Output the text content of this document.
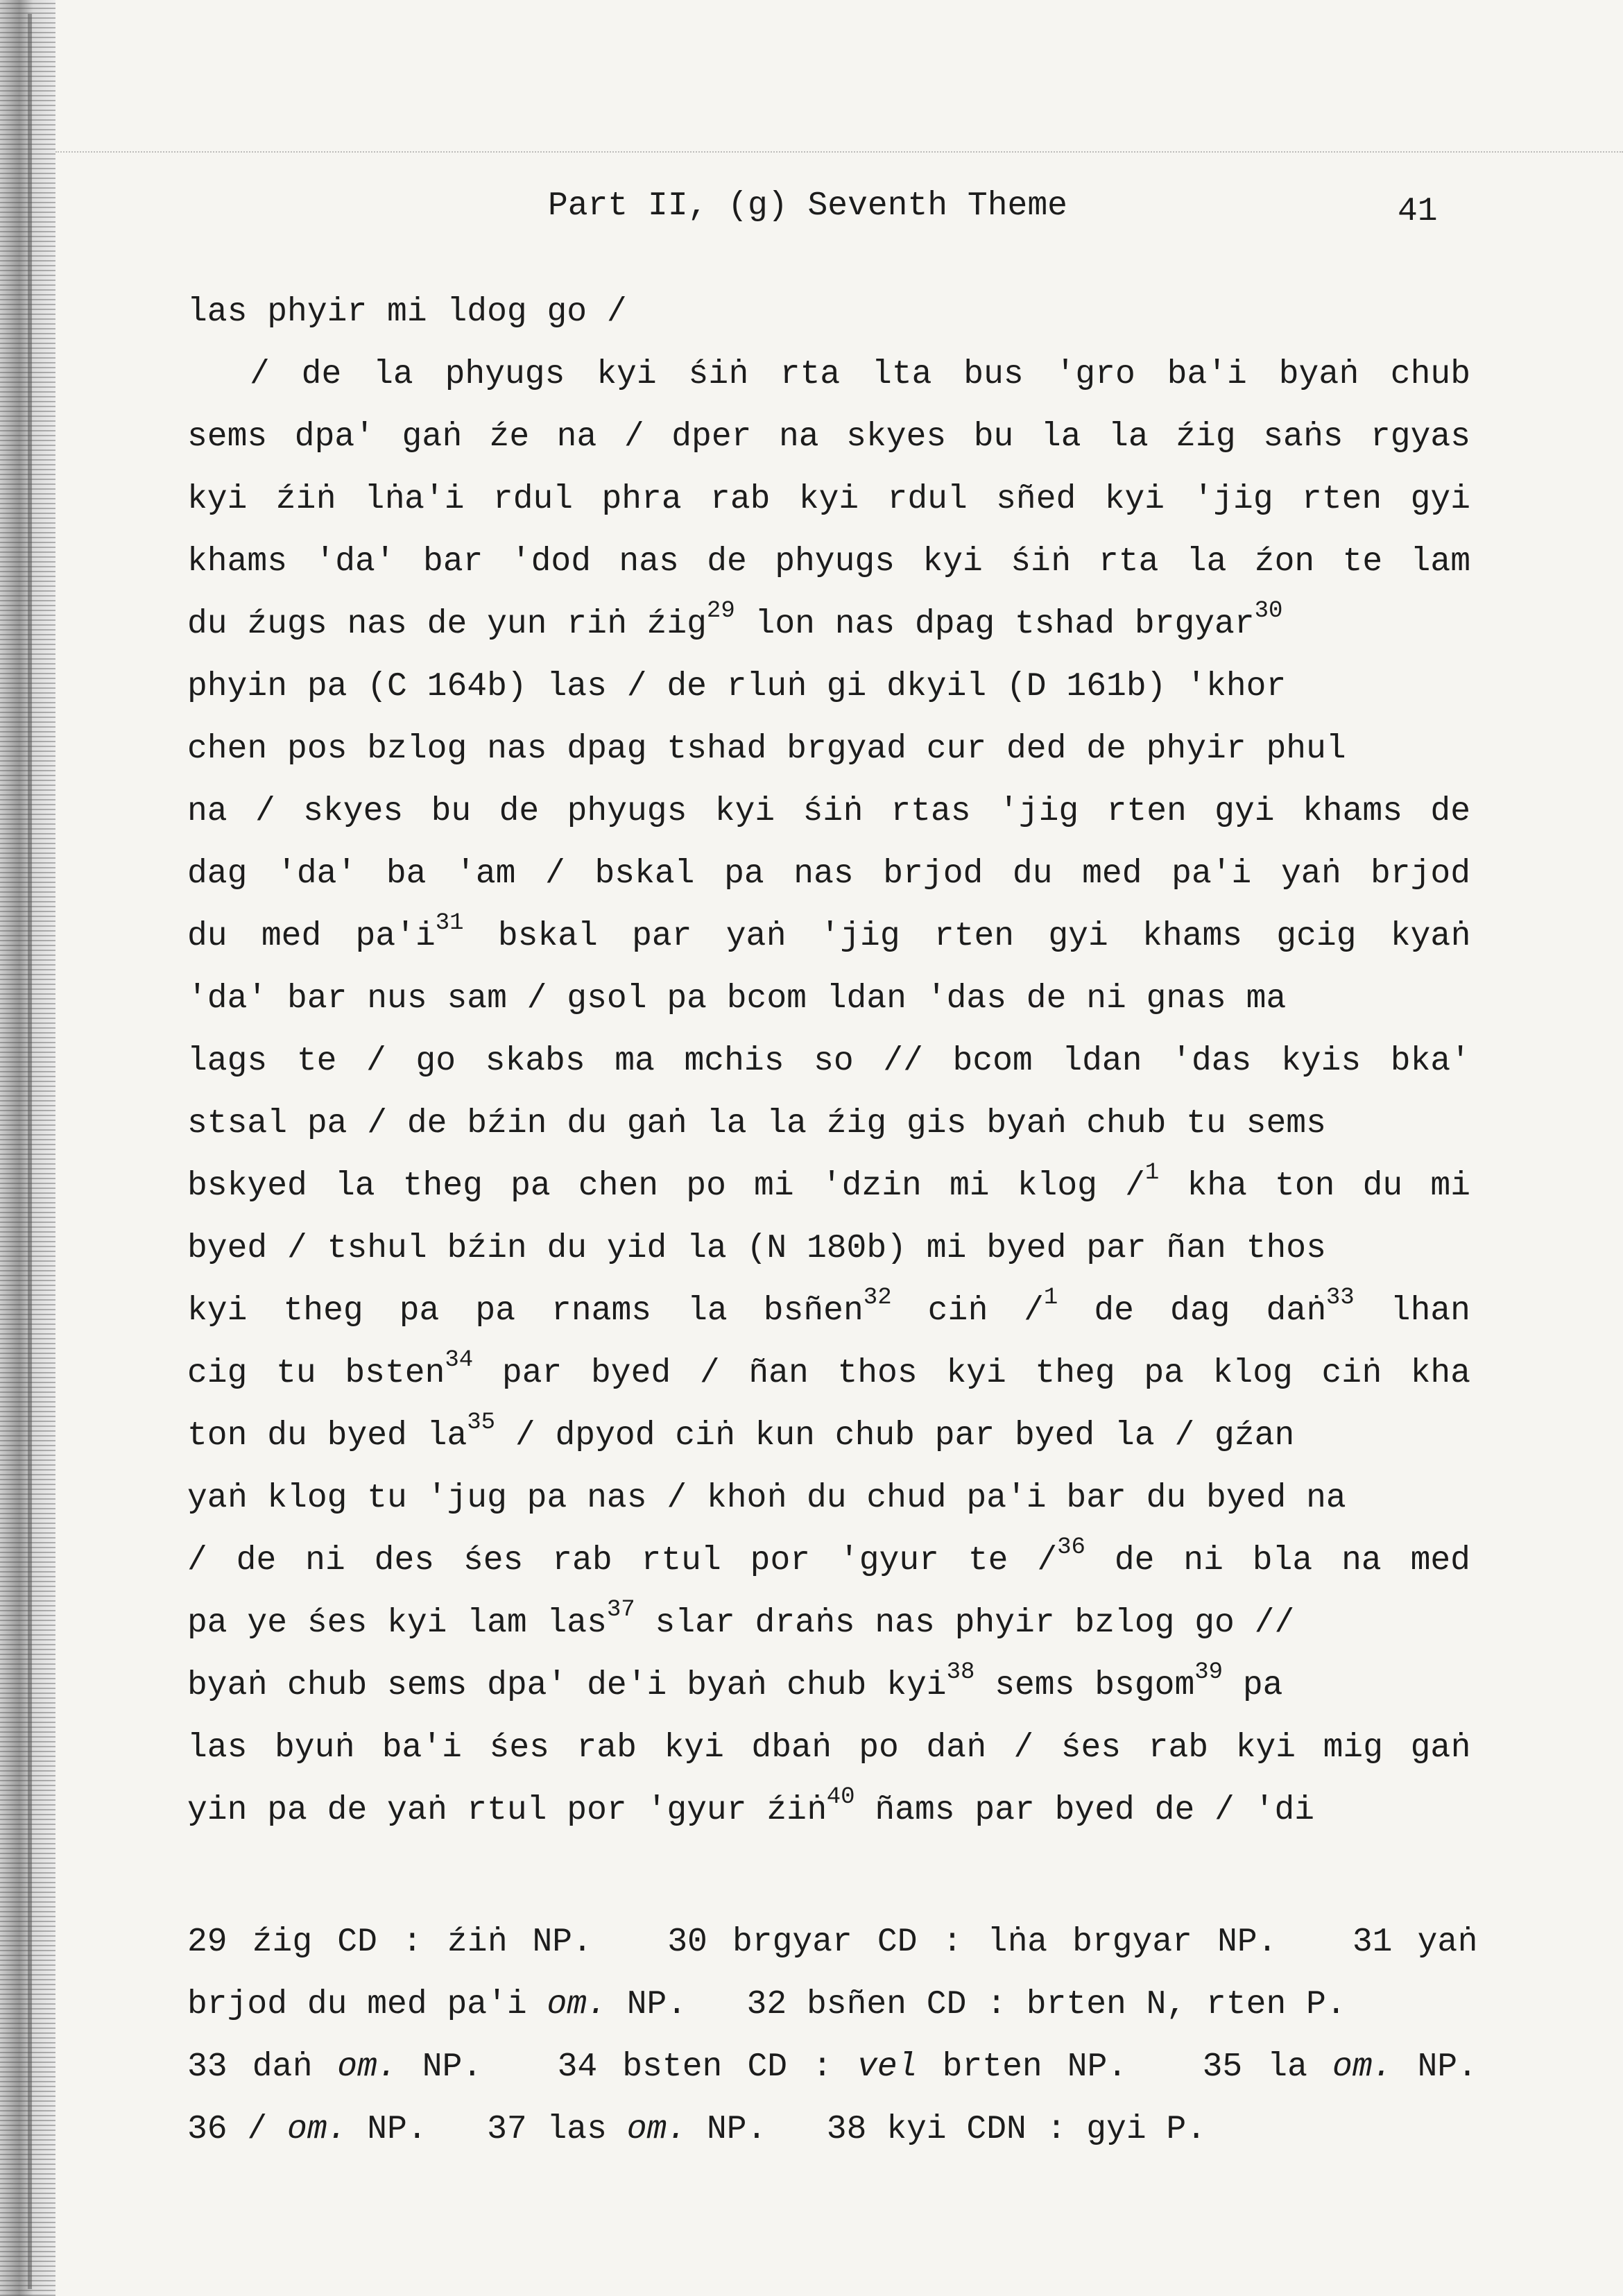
Part II, (g) Seventh Theme	41
las phyir mi ldog go /
/ de la phyugs kyi śiṅ rta lta bus 'gro ba'i byaṅ chub
sems dpa' gaṅ źe na / dper na skyes bu la la źig saṅs rgyas
kyi źiṅ lṅa'i rdul phra rab kyi rdul sñed kyi 'jig rten gyi
khams 'da' bar 'dod nas de phyugs kyi śiṅ rta la źon te lam
du źugs nas de yun riṅ źig$^{29}$ lon nas dpag tshad brgyar$^{30}$
phyin pa (C 164b) las / de rluṅ gi dkyil (D 161b) 'khor
chen pos bzlog nas dpag tshad brgyad cur ded de phyir phul
na / skyes bu de phyugs kyi śiṅ rtas 'jig rten gyi khams de
dag 'da' ba 'am / bskal pa nas brjod du med pa'i yaṅ brjod
du med $pa'i^{31}$ bskal par yaṅ 'jig rten gyi khams gcig kyaṅ
'da' bar nus sam / gsol pa bcom ldan 'das de ni gnas ma
lags te / go skabs ma mchis so // bcom ldan 'das kyis bka'
stsal pa / de bźin du gaṅ la la źig gis byaṅ chub tu sems
bskyed la theg pa chen po mi 'dzin mi klog /$^1$ kha ton du mi
byed / tshul bźin du yid la (N 180b) mi byed par ñan thos
kyi theg pa pa rnams la bsñen$^{32}$ ciṅ /$^1$ de dag daṅ$^{33}$ lhan
cig tu bsten$^{34}$ par byed / ñan thos kyi theg pa klog ciṅ kha
ton du byed $la^{35}$ / dpyod ciṅ kun chub par byed la / gźan
yaṅ klog tu 'jug pa nas / khoṅ du chud pa'i bar du byed na
/ de ni des śes rab rtul por 'gyur te /$^{36}$ de ni bla na med
pa ye śes kyi lam las$^{37}$ slar draṅs nas phyir bzlog go //
byaṅ chub sems dpa' de'i byaṅ chub kyi$^{38}$ sems bsgom$^{39}$ pa
las byuṅ ba'i śes rab kyi dbaṅ po daṅ / śes rab kyi mig gaṅ
yin pa de yaṅ rtul por 'gyur źiṅ$^{40}$ ñams par byed de / 'di
29 źig CD : źiṅ NP.   30 brgyar CD : lṅa brgyar NP.   31 yaṅ
brjod du med pa'i om. NP.   32 bsñen CD : brten N, rten P.
33 daṅ om. NP.   34 bsten CD : vel brten NP.   35 la om. NP.
36 / om. NP.   37 las om. NP.   38 kyi CDN : gyi P.
